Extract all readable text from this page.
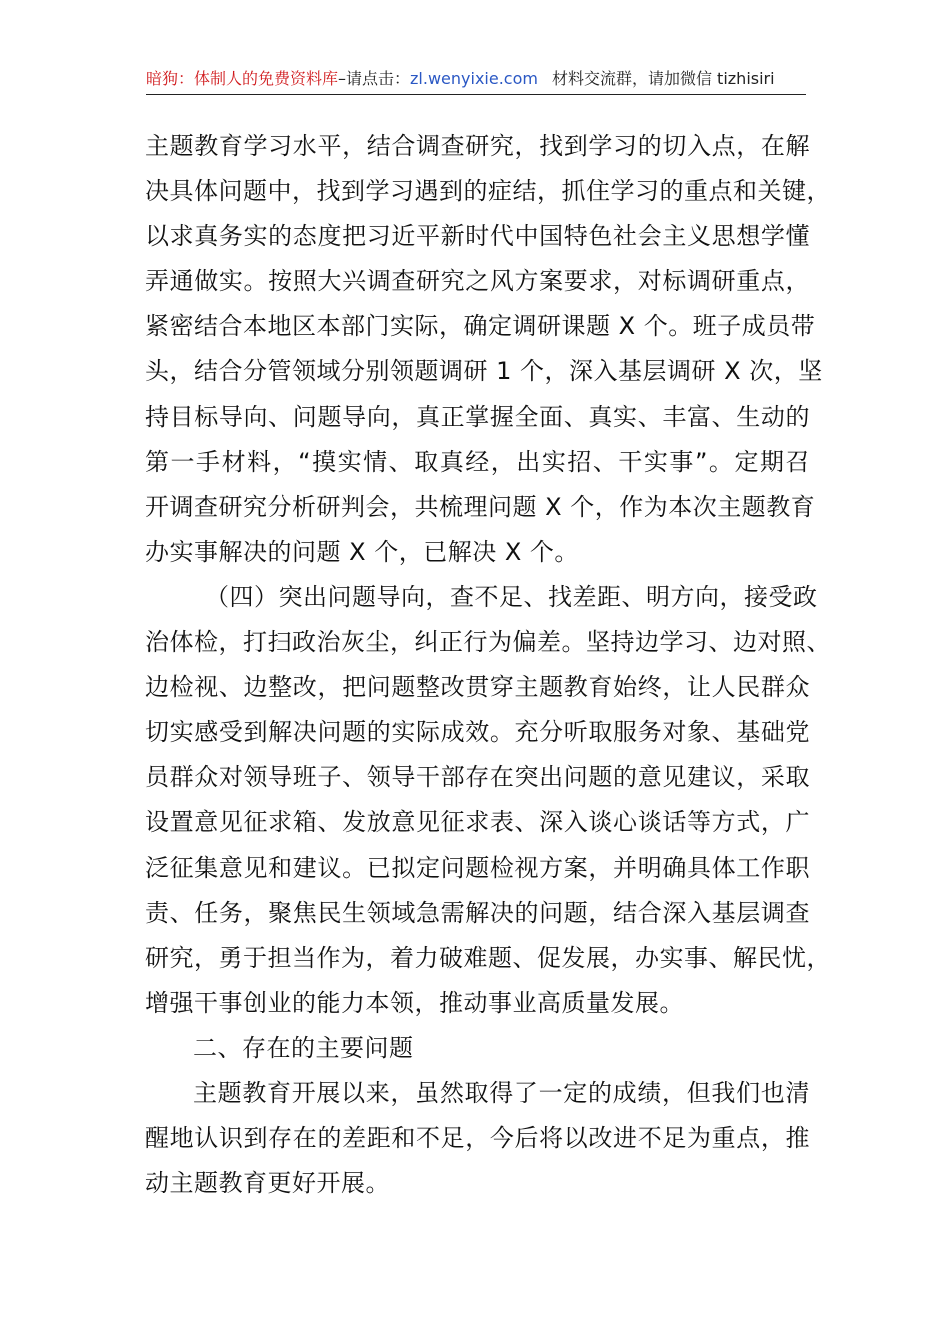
暗狗：体制人的免费资料库–请点击：zl.wenyixie.com 材料交流群，请加微信 tizhisiri
主题教育学习水平，结合调查研究，找到学习的切入点，在解
决具体问题中，找到学习遇到的症结，抓住学习的重点和关键，
以求真务实的态度把习近平新时代中国特色社会主义思想学懂
弄通做实。按照大兴调查研究之风方案要求，对标调研重点，
紧密结合本地区本部门实际，确定调研课题 X 个。班子成员带
头，结合分管领域分别领题调研 1 个，深入基层调研 X 次，坚
持目标导向、问题导向，真正掌握全面、真实、丰富、生动的
第一手材料，“摸实情、取真经，出实招、干实事”。定期召
开调查研究分析研判会，共梳理问题 X 个，作为本次主题教育
办实事解决的问题 X 个，已解决 X 个。
（四）突出问题导向，查不足、找差距、明方向，接受政
治体检，打扫政治灰尘，纠正行为偏差。坚持边学习、边对照、
边检视、边整改，把问题整改贯穿主题教育始终，让人民群众
切实感受到解决问题的实际成效。充分听取服务对象、基础党
员群众对领导班子、领导干部存在突出问题的意见建议，采取
设置意见征求箱、发放意见征求表、深入谈心谈话等方式，广
泛征集意见和建议。已拟定问题检视方案，并明确具体工作职
责、任务，聚焦民生领域急需解决的问题，结合深入基层调查
研究，勇于担当作为，着力破难题、促发展，办实事、解民忧，
增强干事创业的能力本领，推动事业高质量发展。
二、存在的主要问题
主题教育开展以来，虽然取得了一定的成绩，但我们也清
醒地认识到存在的差距和不足，今后将以改进不足为重点，推
动主题教育更好开展。
